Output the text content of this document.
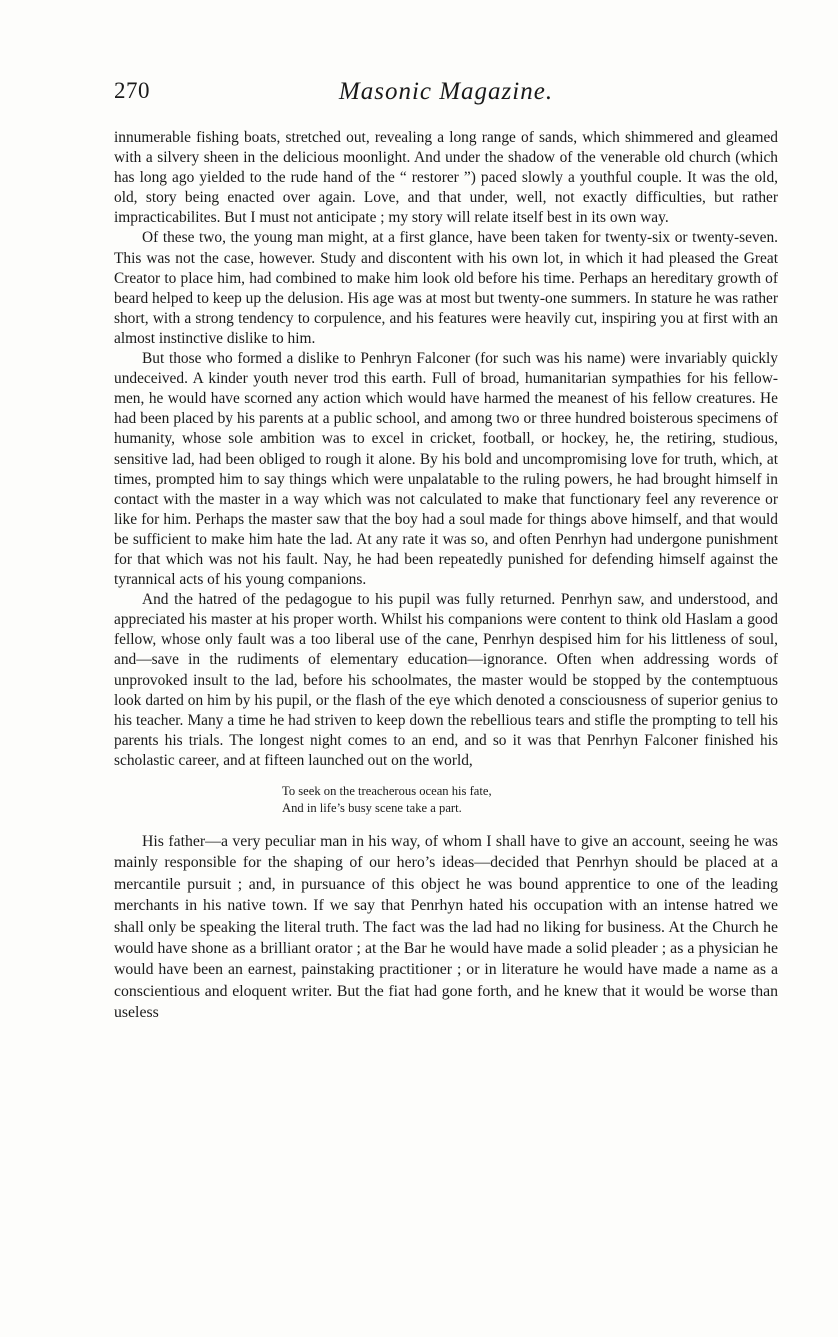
270	Masonic Magazine.

innumerable fishing boats, stretched out, revealing a long range of sands, which shimmered and gleamed with a silvery sheen in the delicious moonlight. And under the shadow of the venerable old church (which has long ago yielded to the rude hand of the “ restorer ”) paced slowly a youthful couple. It was the old, old, story being enacted over again. Love, and that under, well, not exactly difficulties, but rather impracticabilites. But I must not anticipate ; my story will relate itself best in its own way.

Of these two, the young man might, at a first glance, have been taken for twenty-six or twenty-seven. This was not the case, however. Study and discontent with his own lot, in which it had pleased the Great Creator to place him, had combined to make him look old before his time. Perhaps an hereditary growth of beard helped to keep up the delusion. His age was at most but twenty-one summers. In stature he was rather short, with a strong tendency to corpulence, and his features were heavily cut, inspiring you at first with an almost instinctive dislike to him.

But those who formed a dislike to Penhryn Falconer (for such was his name) were invariably quickly undeceived. A kinder youth never trod this earth. Full of broad, humanitarian sympathies for his fellow-men, he would have scorned any action which would have harmed the meanest of his fellow creatures. He had been placed by his parents at a public school, and among two or three hundred boisterous specimens of humanity, whose sole ambition was to excel in cricket, football, or hockey, he, the retiring, studious, sensitive lad, had been obliged to rough it alone. By his bold and uncompromising love for truth, which, at times, prompted him to say things which were unpalatable to the ruling powers, he had brought himself in contact with the master in a way which was not calculated to make that functionary feel any reverence or like for him. Perhaps the master saw that the boy had a soul made for things above himself, and that would be sufficient to make him hate the lad. At any rate it was so, and often Penrhyn had undergone punishment for that which was not his fault. Nay, he had been repeatedly punished for defending himself against the tyrannical acts of his young companions.

And the hatred of the pedagogue to his pupil was fully returned. Penrhyn saw, and understood, and appreciated his master at his proper worth. Whilst his companions were content to think old Haslam a good fellow, whose only fault was a too liberal use of the cane, Penrhyn despised him for his littleness of soul, and—save in the rudiments of elementary education—ignorance. Often when addressing words of unprovoked insult to the lad, before his schoolmates, the master would be stopped by the contemptuous look darted on him by his pupil, or the flash of the eye which denoted a consciousness of superior genius to his teacher. Many a time he had striven to keep down the rebellious tears and stifle the prompting to tell his parents his trials. The longest night comes to an end, and so it was that Penrhyn Falconer finished his scholastic career, and at fifteen launched out on the world,

To seek on the treacherous ocean his fate,
And in life’s busy scene take a part.

His father—a very peculiar man in his way, of whom I shall have to give an account, seeing he was mainly responsible for the shaping of our hero’s ideas—decided that Penrhyn should be placed at a mercantile pursuit ; and, in pursuance of this object he was bound apprentice to one of the leading merchants in his native town. If we say that Penrhyn hated his occupation with an intense hatred we shall only be speaking the literal truth. The fact was the lad had no liking for business. At the Church he would have shone as a brilliant orator ; at the Bar he would have made a solid pleader ; as a physician he would have been an earnest, painstaking practitioner ; or in literature he would have made a name as a conscientious and eloquent writer. But the fiat had gone forth, and he knew that it would be worse than useless
